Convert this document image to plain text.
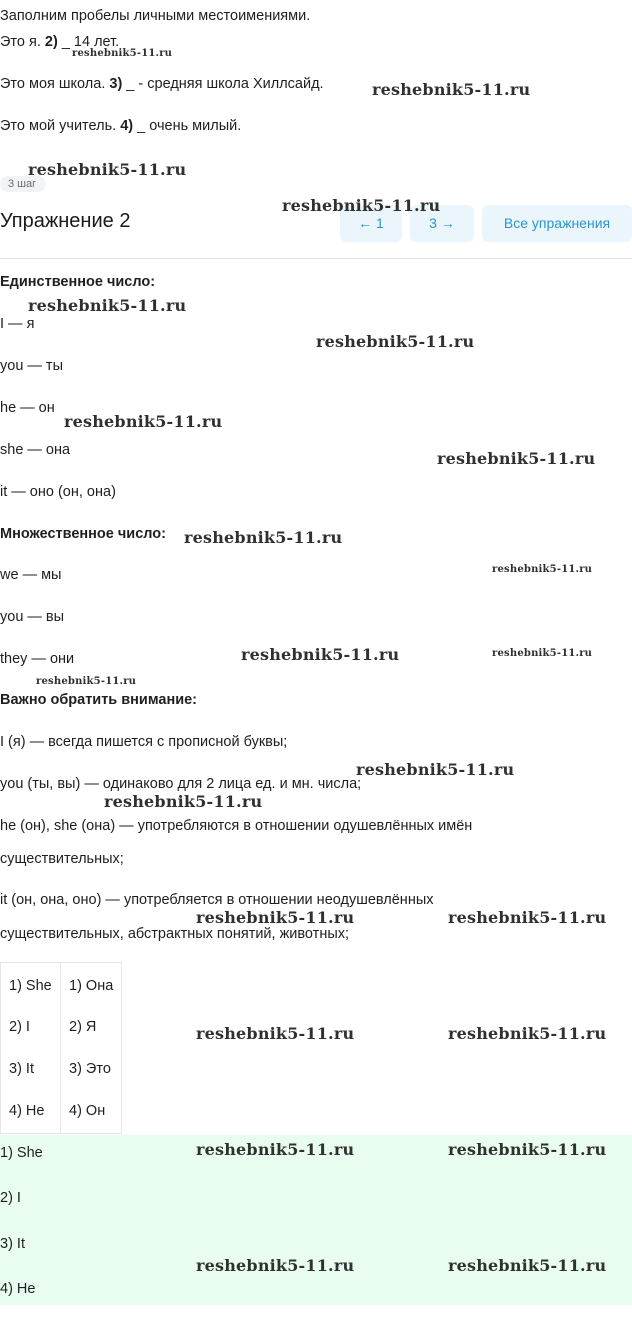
Заполним пробелы личными местоимениями.
Это я. 2) _ 14 лет.
Это моя школа. 3) _ - средняя школа Хиллсайд.
Это мой учитель. 4) _ очень милый.
3 шаг
Упражнение 2	← 1	3 →	Все упражнения
Единственное число:
I — я
you — ты
he — он
she — она
it — оно (он, она)
Множественное число:
we — мы
you — вы
they — они
Важно обратить внимание:
I (я) — всегда пишется с прописной буквы;
you (ты, вы) — одинаково для 2 лица ед. и мн. числа;
he (он), she (она) — употребляются в отношении одушевлённых имён
существительных;
it (он, она, оно) — употребляется в отношении неодушевлённых
существительных, абстрактных понятий, животных;
1) She 1) Она
2) I	2) Я
3) It 3) Это
4) He 4) Он
1) She
2) I
3) It
4) He
reshebnik5-11.ru
reshebnik5-11.ru
reshebnik5-11.ru
reshebnik5-11.ru
reshebnik5-11.ru
reshebnik5-11.ru
reshebnik5-11.ru
reshebnik5-11.ru
reshebnik5-11.ru
reshebnik5-11.ru
reshebnik5-11.ru	reshebnik5-11.ru
reshebnik5-11.ru
reshebnik5-11.ru
reshebnik5-11.ru
reshebnik5-11.ru	reshebnik5-11.ru
reshebnik5-11.ru	reshebnik5-11.ru
reshebnik5-11.ru	reshebnik5-11.ru
reshebnik5-11.ru	reshebnik5-11.ru
